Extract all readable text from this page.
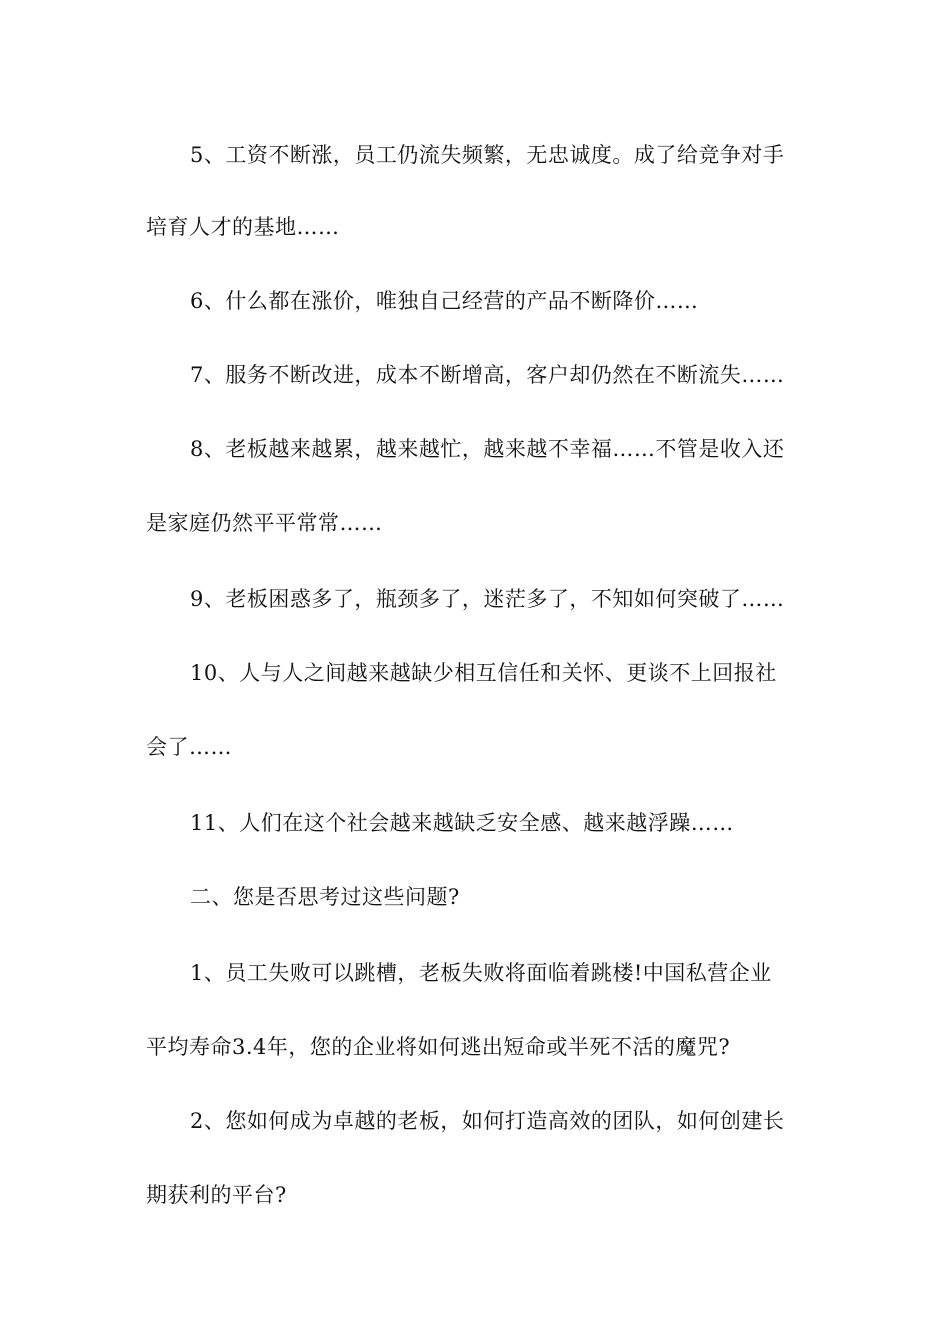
5、工资不断涨，员工仍流失频繁，无忠诚度。成了给竞争对手
培育人才的基地……
6、什么都在涨价，唯独自己经营的产品不断降价……
7、服务不断改进，成本不断增高，客户却仍然在不断流失……
8、老板越来越累，越来越忙，越来越不幸福……不管是收入还
是家庭仍然平平常常……
9、老板困惑多了，瓶颈多了，迷茫多了，不知如何突破了……
10、人与人之间越来越缺少相互信任和关怀、更谈不上回报社
会了……
11、人们在这个社会越来越缺乏安全感、越来越浮躁……
二、您是否思考过这些问题?
1、员工失败可以跳槽，老板失败将面临着跳楼!中国私营企业
平均寿命3.4年，您的企业将如何逃出短命或半死不活的魔咒?
2、您如何成为卓越的老板，如何打造高效的团队，如何创建长
期获利的平台?
